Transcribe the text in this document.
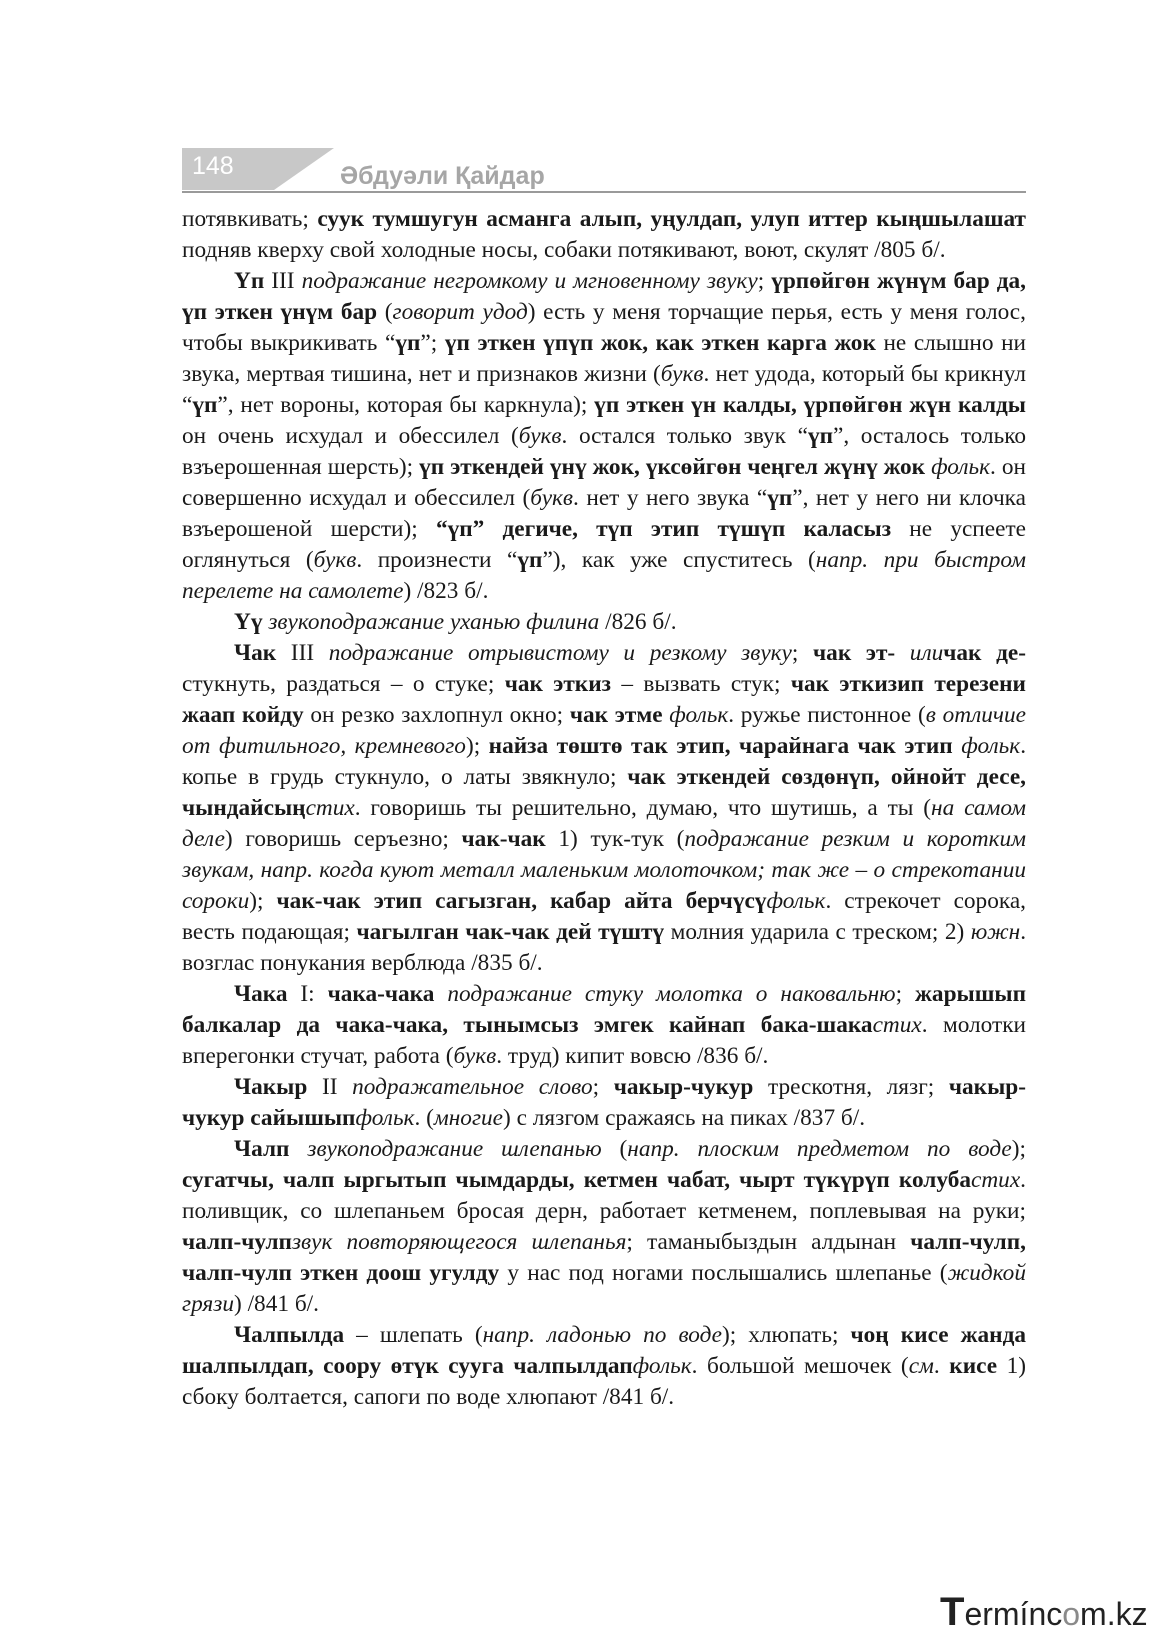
148	Әбдуәли Қайдар

потявкивать; суук тумшугун асманга алып, уңулдап, улуп иттер кыңшылашат подняв кверху свой холодные носы, собаки потякивают, воют, скулят /805 б/.

Үп III подражание негромкому и мгновенному звуку; үрпөйгөн жүнүм бар да, үп эткен үнүм бар (говорит удод) есть у меня торчащие перья, есть у меня голос, чтобы выкрикивать “үп”; үп эткен үпүп жок, как эткен карга жок не слышно ни звука, мертвая тишина, нет и признаков жизни (букв. нет удода, который бы крикнул “үп”, нет вороны, которая бы каркнула); үп эткен үн калды, үрпөйгөн жүн калды он очень исхудал и обессилел (букв. остался только звук “үп”, осталось только взъерошенная шерсть); үп эткендей үнү жок, үксөйгөн чеңгел жүнү жок фольк. он совершенно исхудал и обессилел (букв. нет у него звука “үп”, нет у него ни клочка взъерошеной шерсти); “үп” дегиче, түп этип түшүп каласыз не успеете оглянуться (букв. произнести “үп”), как уже спуститесь (напр. при быстром перелете на самолете) /823 б/.

Үү звукоподражание уханью филина /826 б/.

Чак III подражание отрывистому и резкому звуку; чак эт- иличак де- стукнуть, раздаться – о стуке; чак эткиз – вызвать стук; чак эткизип терезени жаап койду он резко захлопнул окно; чак этме фольк. ружье пистонное (в отличие от фитильного, кремневого); найза төштө так этип, чарайнага чак этип фольк. копье в грудь стукнуло, о латы звякнуло; чак эткендей сөздөнүп, ойнойт десе, чындайсыңстих. говоришь ты решительно, думаю, что шутишь, а ты (на самом деле) говоришь серъезно; чак-чак 1) тук-тук (подражание резким и коротким звукам, напр. когда куют металл маленьким молоточком; так же – о стрекотании сороки); чак-чак этип сагызган, кабар айта берчүсүфольк. стрекочет сорока, весть подающая; чагылган чак-чак дей түштү молния ударила с треском; 2) южн. возглас понукания верблюда /835 б/.

Чака I: чака-чака подражание стуку молотка о наковальню; жарышып балкалар да чака-чака, тынымсыз эмгек кайнап бака-шакастих. молотки вперегонки стучат, работа (букв. труд) кипит вовсю /836 б/.

Чакыр II подражательное слово; чакыр-чукур трескотня, лязг; чакыр-чукур сайышыпфольк. (многие) с лязгом сражаясь на пиках /837 б/.

Чалп звукоподражание шлепанью (напр. плоским предметом по воде); сугатчы, чалп ыргытып чымдарды, кетмен чабат, чырт түкүрүп колубастих. поливщик, со шлепаньем бросая дерн, работает кетменем, поплевывая на руки; чалп-чулпзвук повторяющегося шлепанья; таманыбыздын алдынан чалп-чулп, чалп-чулп эткен доош угулду у нас под ногами послышались шлепанье (жидкой грязи) /841 б/.

Чалпылда – шлепать (напр. ладонью по воде); хлюпать; чоң кисе жанда шалпылдап, соору өтүк сууга чалпылдапфольк. большой мешочек (см. кисе 1) сбоку болтается, сапоги по воде хлюпают /841 б/.

Termíncom.kz
